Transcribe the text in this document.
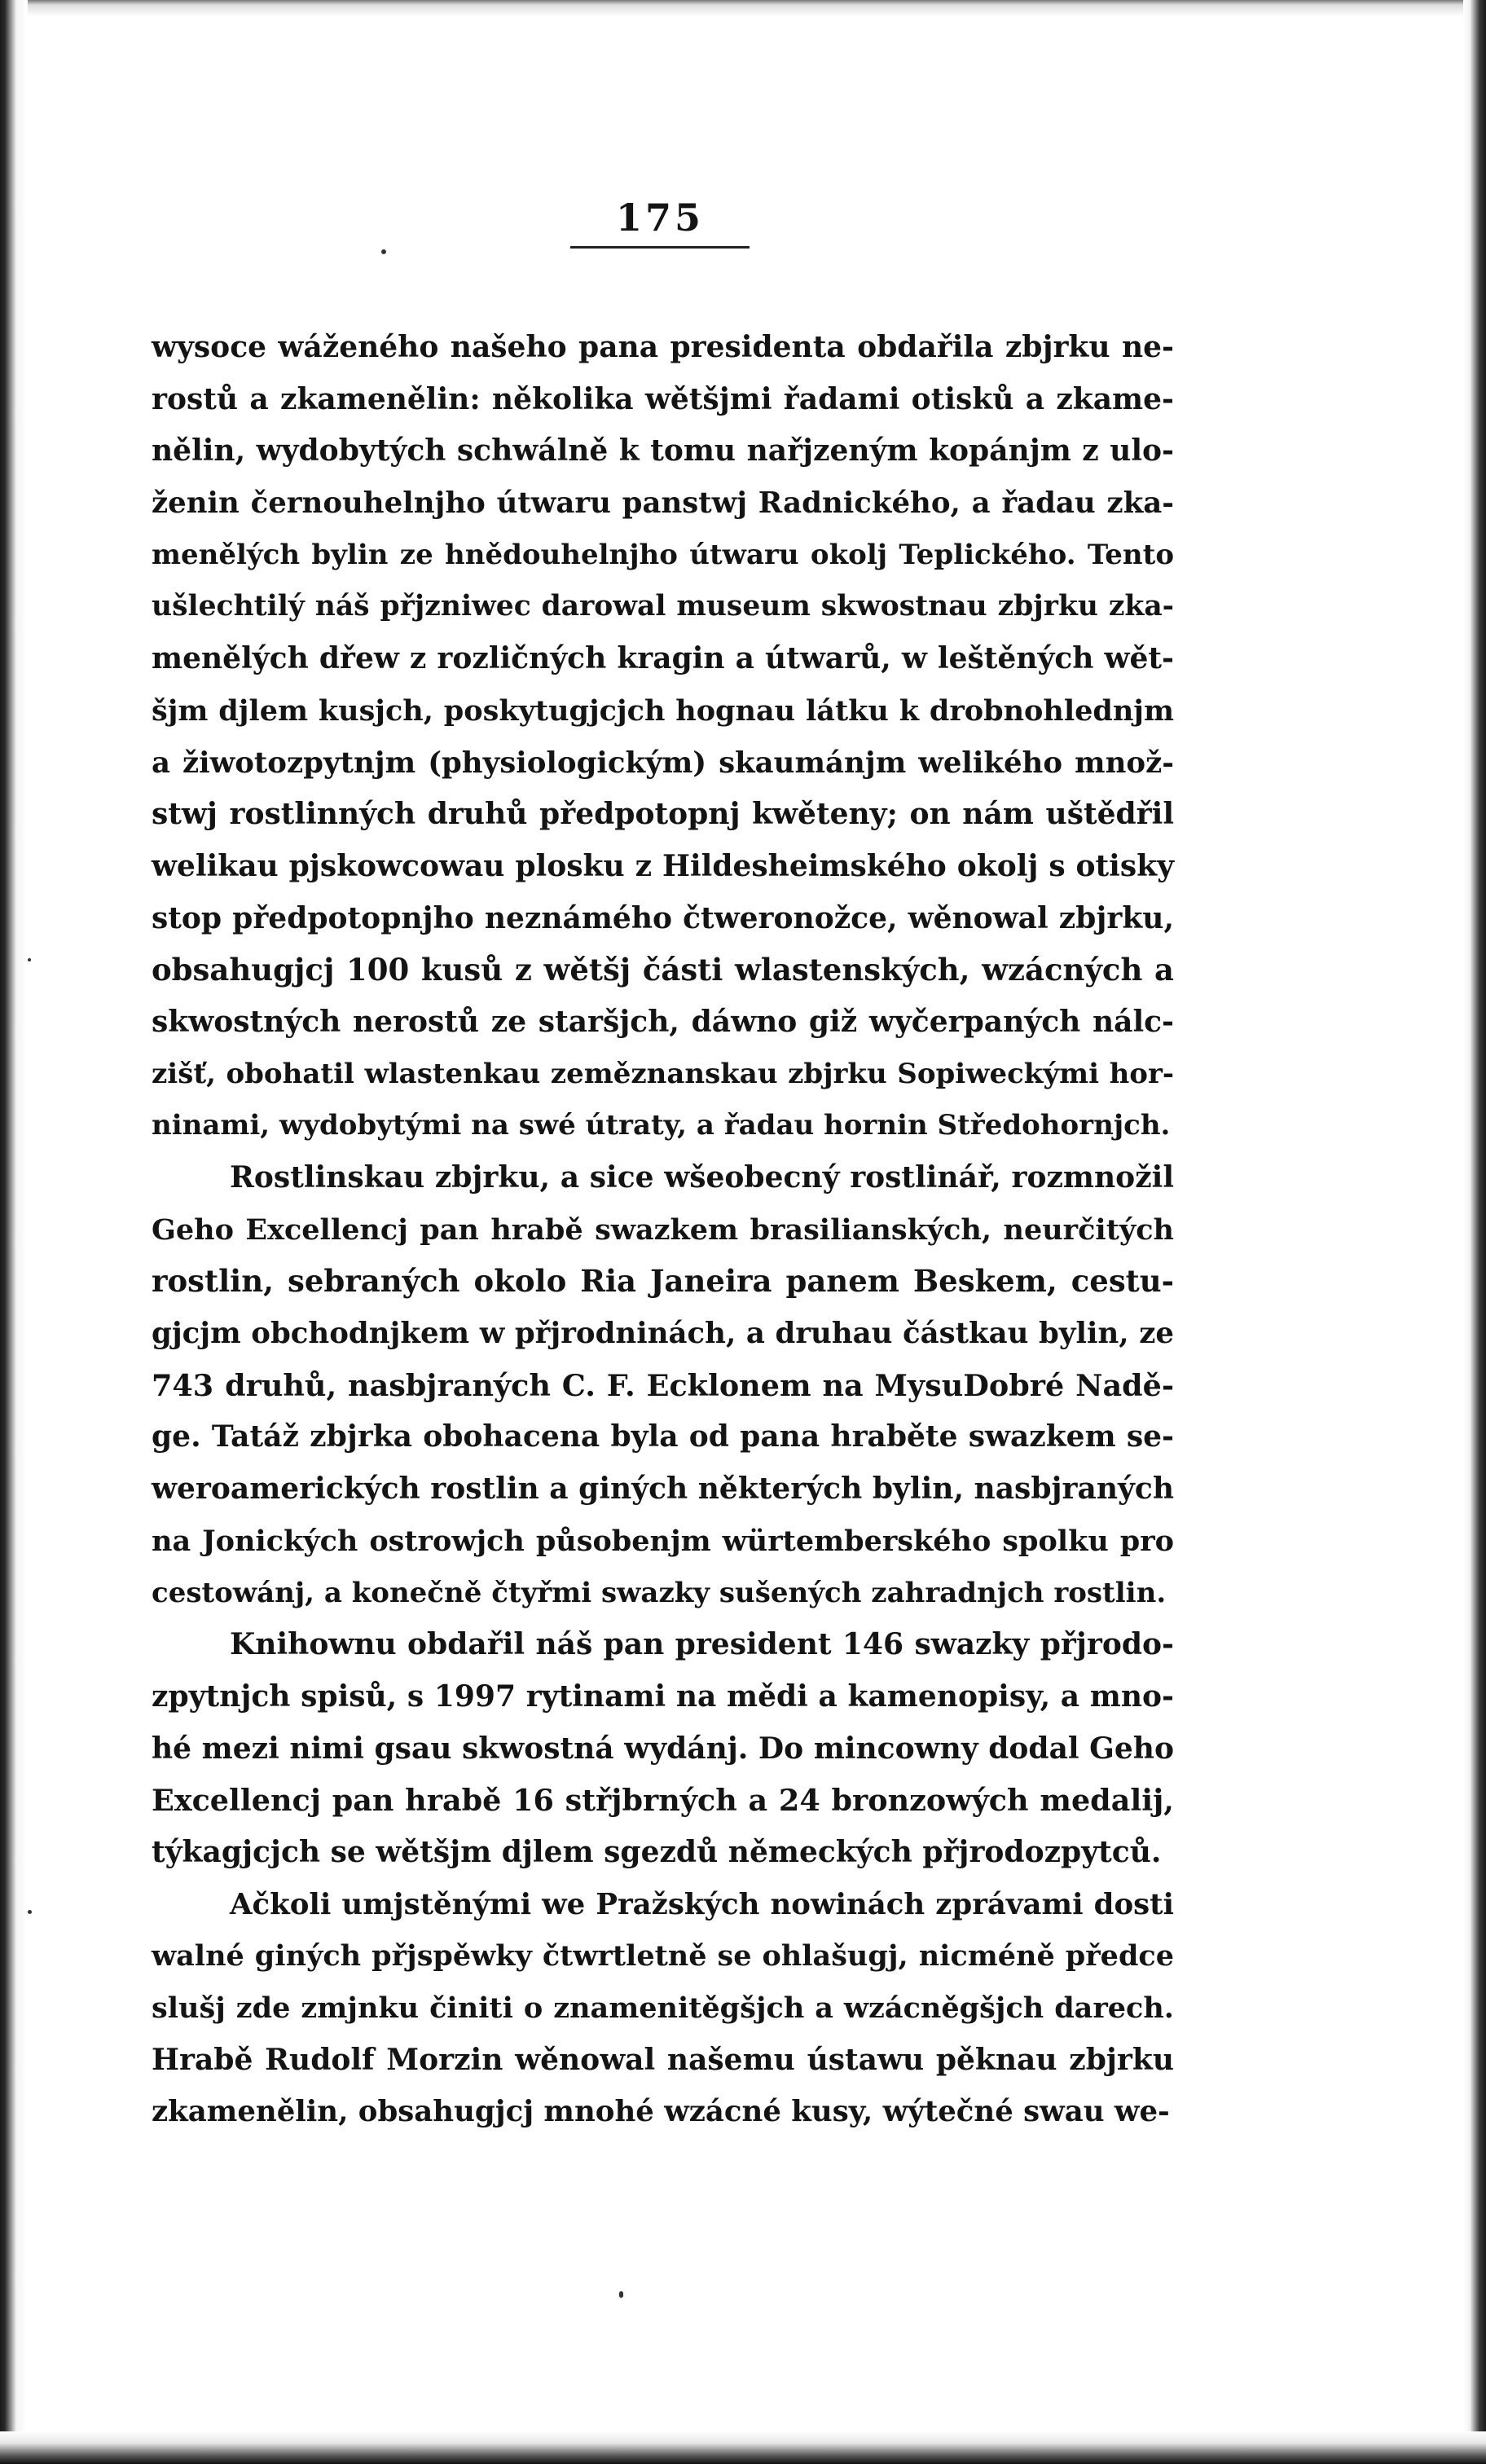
175
wysoce wáženého našeho pana presidenta obdařila zbjrku ne-
rostů a zkamenělin: několika wětšjmi řadami otisků a zkame-
nělin, wydobytých schwálně k tomu nařjzeným kopánjm z ulo-
ženin černouhelnjho útwaru panstwj Radnického, a řadau zka-
menělých bylin ze hnědouhelnjho útwaru okolj Teplického. Tento
ušlechtilý náš přjzniwec darowal museum skwostnau zbjrku zka-
menělých dřew z rozličných kragin a útwarů, w leštěných wět-
šjm djlem kusjch, poskytugjcjch hognau látku k drobnohlednjm
a žiwotozpytnjm (physiologickým) skaumánjm welikého množ-
stwj rostlinných druhů předpotopnj kwěteny; on nám uštědřil
welikau pjskowcowau plosku z Hildesheimského okolj s otisky
stop předpotopnjho neznámého čtweronožce, wěnowal zbjrku,
obsahugjcj 100 kusů z wětšj části wlastenských, wzácných a
skwostných nerostů ze staršjch, dáwno giž wyčerpaných nálc-
zišť, obohatil wlastenkau zeměznanskau zbjrku Sopiweckými hor-
ninami, wydobytými na swé útraty, a řadau hornin Středohornjch.
Rostlinskau zbjrku, a sice wšeobecný rostlinář, rozmnožil
Geho Excellencj pan hrabě swazkem brasilianských, neurčitých
rostlin, sebraných okolo Ria Janeira panem Beskem, cestu-
gjcjm obchodnjkem w přjrodninách, a druhau částkau bylin, ze
743 druhů, nasbjraných C. F. Ecklonem na MysuDobré Nadě-
ge. Tatáž zbjrka obohacena byla od pana hraběte swazkem se-
weroamerických rostlin a giných některých bylin, nasbjraných
na Jonických ostrowjch působenjm würtemberského spolku pro
cestowánj, a konečně čtyřmi swazky sušených zahradnjch rostlin.
Knihownu obdařil náš pan president 146 swazky přjrodo-
zpytnjch spisů, s 1997 rytinami na mědi a kamenopisy, a mno-
hé mezi nimi gsau skwostná wydánj. Do mincowny dodal Geho
Excellencj pan hrabě 16 střjbrných a 24 bronzowých medalij,
týkagjcjch se wětšjm djlem sgezdů německých přjrodozpytců.
Ačkoli umjstěnými we Pražských nowinách zprávami dosti
walné giných přjspěwky čtwrtletně se ohlašugj, nicméně předce
slušj zde zmjnku činiti o znamenitěgšjch a wzácněgšjch darech.
Hrabě Rudolf Morzin wěnowal našemu ústawu pěknau zbjrku
zkamenělin, obsahugjcj mnohé wzácné kusy, wýtečné swau we-
